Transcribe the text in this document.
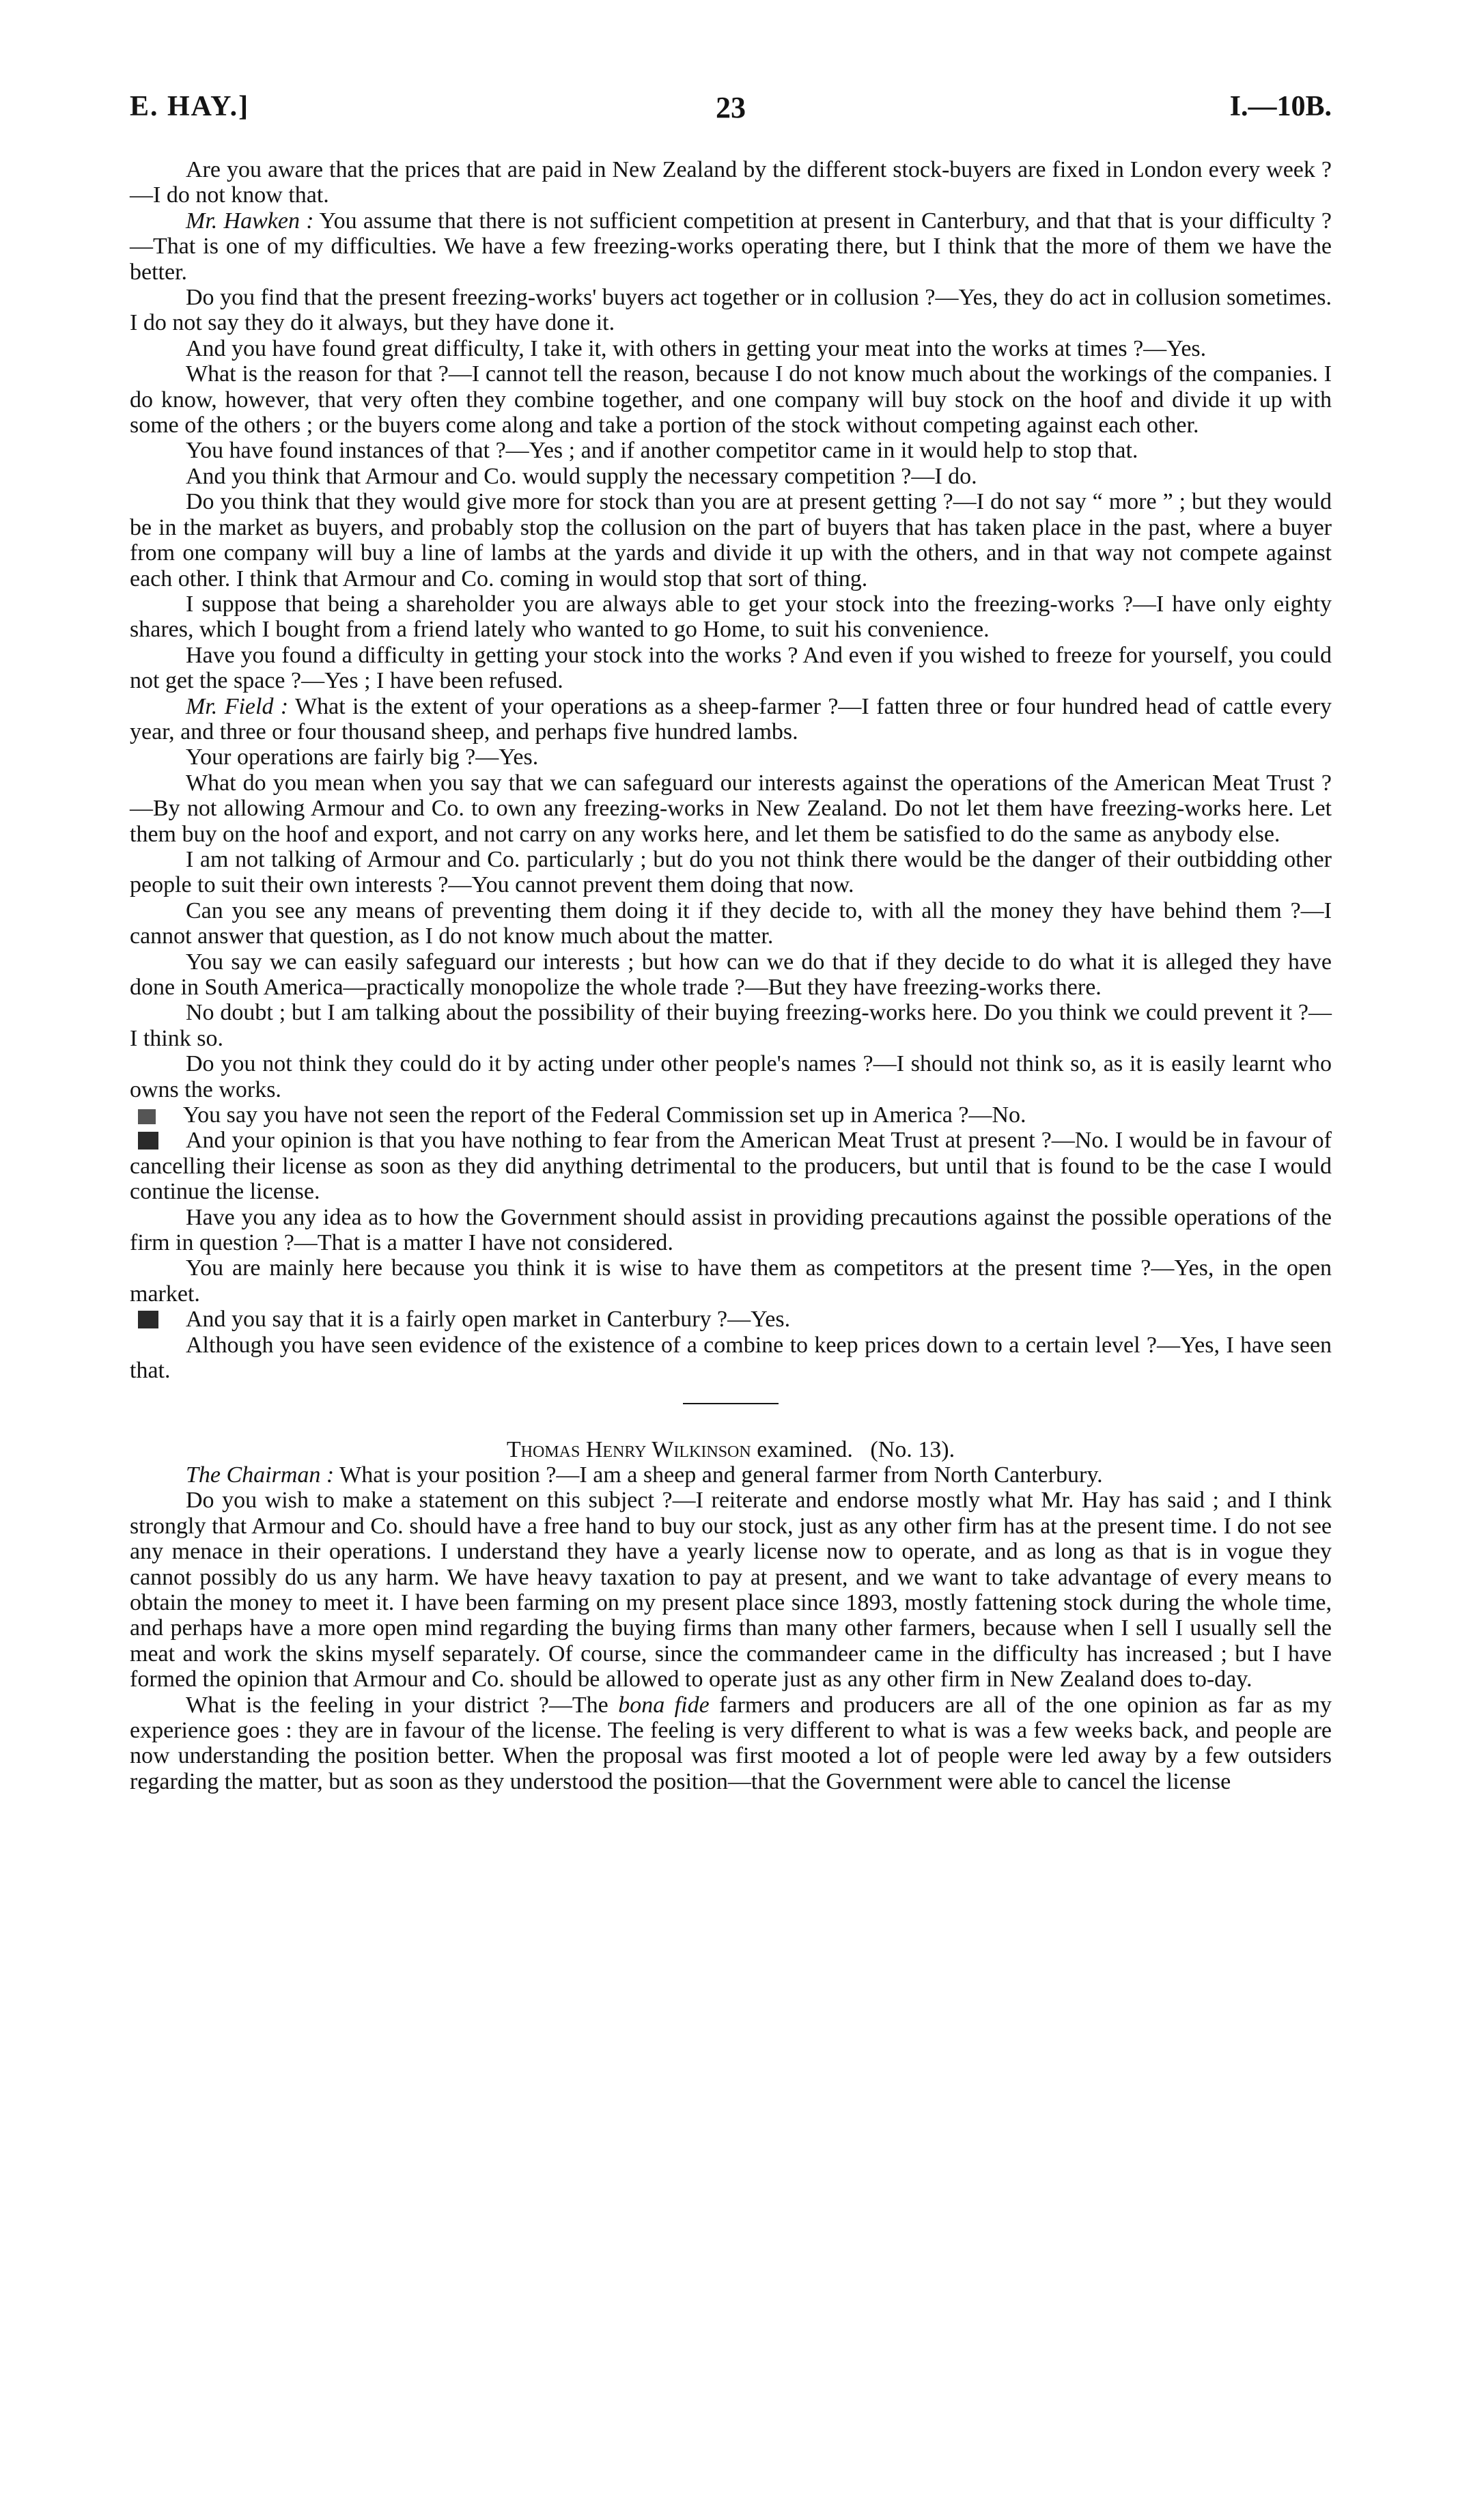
E. HAY.]	23	I.—10B.

Are you aware that the prices that are paid in New Zealand by the different stock-buyers are fixed in London every week ?—I do not know that.

Mr. Hawken : You assume that there is not sufficient competition at present in Canterbury, and that that is your difficulty ?—That is one of my difficulties. We have a few freezing-works operating there, but I think that the more of them we have the better.

Do you find that the present freezing-works' buyers act together or in collusion ?—Yes, they do act in collusion sometimes. I do not say they do it always, but they have done it.

And you have found great difficulty, I take it, with others in getting your meat into the works at times ?—Yes.

What is the reason for that ?—I cannot tell the reason, because I do not know much about the workings of the companies. I do know, however, that very often they combine together, and one company will buy stock on the hoof and divide it up with some of the others ; or the buyers come along and take a portion of the stock without competing against each other.

You have found instances of that ?—Yes ; and if another competitor came in it would help to stop that.

And you think that Armour and Co. would supply the necessary competition ?—I do.

Do you think that they would give more for stock than you are at present getting ?—I do not say “ more ” ; but they would be in the market as buyers, and probably stop the collusion on the part of buyers that has taken place in the past, where a buyer from one company will buy a line of lambs at the yards and divide it up with the others, and in that way not compete against each other. I think that Armour and Co. coming in would stop that sort of thing.

I suppose that being a shareholder you are always able to get your stock into the freezing-works ?—I have only eighty shares, which I bought from a friend lately who wanted to go Home, to suit his convenience.

Have you found a difficulty in getting your stock into the works ? And even if you wished to freeze for yourself, you could not get the space ?—Yes ; I have been refused.

Mr. Field : What is the extent of your operations as a sheep-farmer ?—I fatten three or four hundred head of cattle every year, and three or four thousand sheep, and perhaps five hundred lambs.

Your operations are fairly big ?—Yes.

What do you mean when you say that we can safeguard our interests against the operations of the American Meat Trust ?—By not allowing Armour and Co. to own any freezing-works in New Zealand. Do not let them have freezing-works here. Let them buy on the hoof and export, and not carry on any works here, and let them be satisfied to do the same as anybody else.

I am not talking of Armour and Co. particularly ; but do you not think there would be the danger of their outbidding other people to suit their own interests ?—You cannot prevent them doing that now.

Can you see any means of preventing them doing it if they decide to, with all the money they have behind them ?—I cannot answer that question, as I do not know much about the matter.

You say we can easily safeguard our interests ; but how can we do that if they decide to do what it is alleged they have done in South America—practically monopolize the whole trade ?—But they have freezing-works there.

No doubt ; but I am talking about the possibility of their buying freezing-works here. Do you think we could prevent it ?—I think so.

Do you not think they could do it by acting under other people's names ?—I should not think so, as it is easily learnt who owns the works.

You say you have not seen the report of the Federal Commission set up in America ?—No.

And your opinion is that you have nothing to fear from the American Meat Trust at present ?—No. I would be in favour of cancelling their license as soon as they did anything detrimental to the producers, but until that is found to be the case I would continue the license.

Have you any idea as to how the Government should assist in providing precautions against the possible operations of the firm in question ?—That is a matter I have not considered.

You are mainly here because you think it is wise to have them as competitors at the present time ?—Yes, in the open market.

And you say that it is a fairly open market in Canterbury ?—Yes.

Although you have seen evidence of the existence of a combine to keep prices down to a certain level ?—Yes, I have seen that.

Thomas Henry Wilkinson examined. (No. 13).

The Chairman : What is your position ?—I am a sheep and general farmer from North Canterbury.

Do you wish to make a statement on this subject ?—I reiterate and endorse mostly what Mr. Hay has said ; and I think strongly that Armour and Co. should have a free hand to buy our stock, just as any other firm has at the present time. I do not see any menace in their operations. I understand they have a yearly license now to operate, and as long as that is in vogue they cannot possibly do us any harm. We have heavy taxation to pay at present, and we want to take advantage of every means to obtain the money to meet it. I have been farming on my present place since 1893, mostly fattening stock during the whole time, and perhaps have a more open mind regarding the buying firms than many other farmers, because when I sell I usually sell the meat and work the skins myself separately. Of course, since the commandeer came in the difficulty has increased ; but I have formed the opinion that Armour and Co. should be allowed to operate just as any other firm in New Zealand does to-day.

What is the feeling in your district ?—The bona fide farmers and producers are all of the one opinion as far as my experience goes : they are in favour of the license. The feeling is very different to what is was a few weeks back, and people are now understanding the position better. When the proposal was first mooted a lot of people were led away by a few outsiders regarding the matter, but as soon as they understood the position—that the Government were able to cancel the license
